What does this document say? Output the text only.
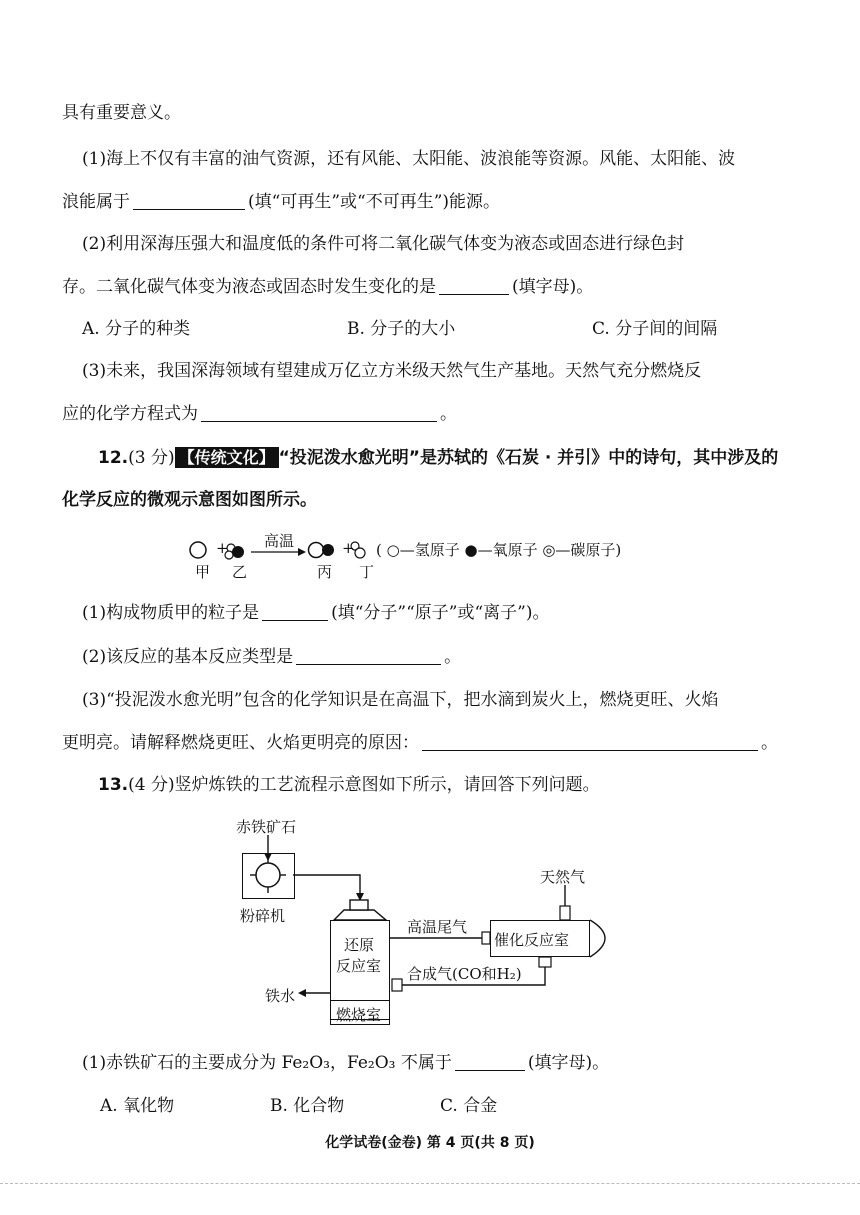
具有重要意义。
(1)海上不仅有丰富的油气资源，还有风能、太阳能、波浪能等资源。风能、太阳能、波
浪能属于	(填“可再生”或“不可再生”)能源。
(2)利用深海压强大和温度低的条件可将二氧化碳气体变为液态或固态进行绿色封
存。二氧化碳气体变为液态或固态时发生变化的是	(填字母)。
A. 分子的种类	B. 分子的大小	C. 分子间的间隔
(3)未来，我国深海领域有望建成万亿立方米级天然气生产基地。天然气充分燃烧反
应的化学方程式为	。
12.(3 分) 【传统文化】 “投泥泼水愈光明”是苏轼的《石炭 · 并引》中的诗句，其中涉及的
化学反应的微观示意图如图所示。
+ 高温	+ ( ○—氢原子 ●—氧原子 ◎—碳原子)
甲 乙	丙 丁
(1)构成物质甲的粒子是	(填“分子”“原子”或“离子”)。
(2)该反应的基本反应类型是	。
(3)“投泥泼水愈光明”包含的化学知识是在高温下，把水滴到炭火上，燃烧更旺、火焰
更明亮。请解释燃烧更旺、火焰更明亮的原因：	。
13.(4 分)竖炉炼铁的工艺流程示意图如下所示，请回答下列问题。
赤铁矿石
粉碎机
天然气
高温尾气
催化反应室
还原
反应室 合成气(CO和H₂)
铁水
燃烧室
(1)赤铁矿石的主要成分为 Fe₂O₃，Fe₂O₃ 不属于	(填字母)。
A. 氧化物	B. 化合物	C. 合金
化学试卷(金卷) 第 4 页(共 8 页)
